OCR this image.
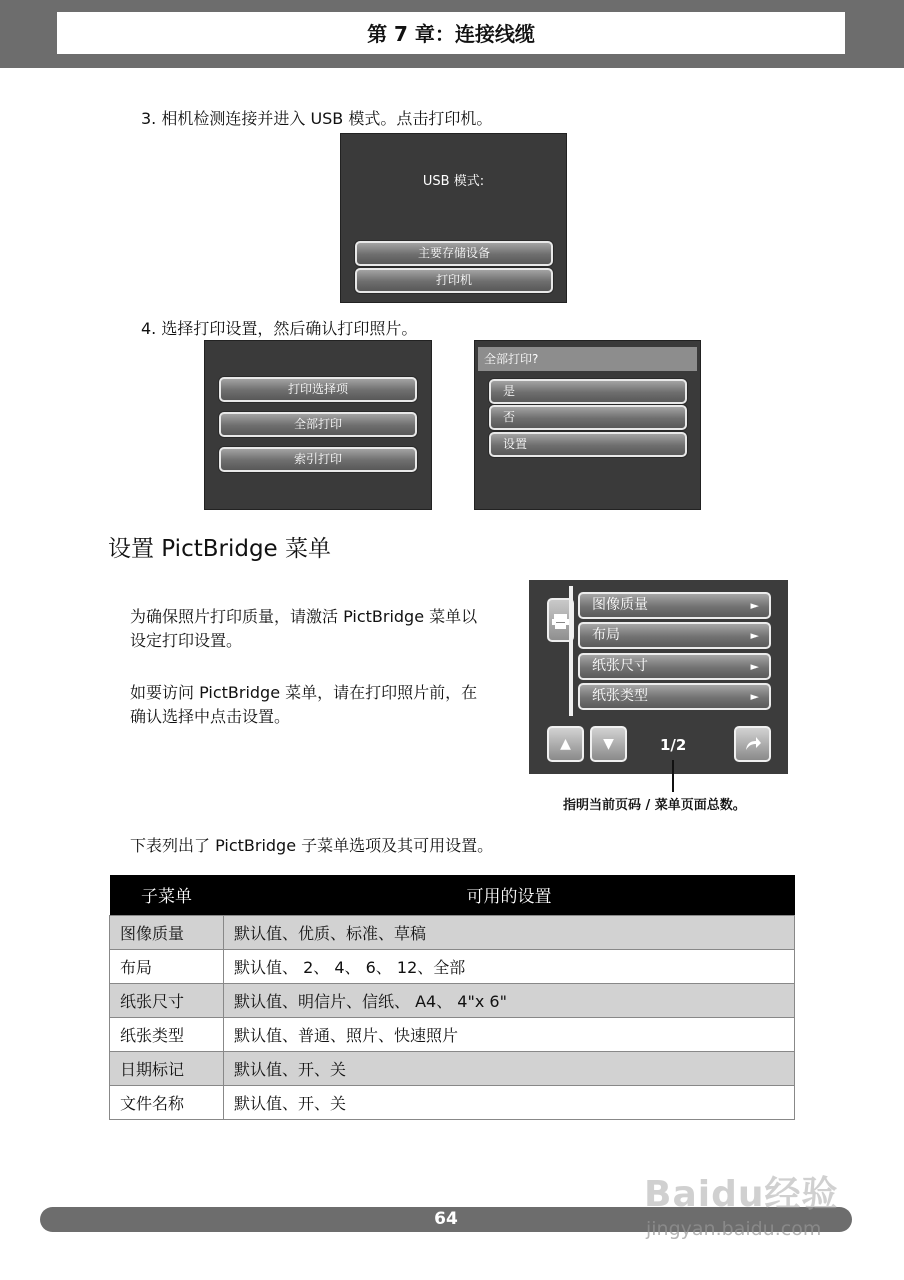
第 7 章：连接线缆
3. 相机检测连接并进入 USB 模式。点击打印机。
USB 模式:
主要存储设备
打印机
4. 选择打印设置，然后确认打印照片。
打印选择项
全部打印
索引打印
全部打印?
是
否
设置
设置 PictBridge 菜单
为确保照片打印质量，请激活 PictBridge 菜单以
设定打印设置。
如要访问 PictBridge 菜单，请在打印照片前，在
确认选择中点击设置。
图像质量	►
布局	►
纸张尺寸	►
纸张类型	►
▲	▼	1/2
指明当前页码 / 菜单页面总数。
下表列出了 PictBridge 子菜单选项及其可用设置。
子菜单	可用的设置
图像质量	默认值、优质、标准、草稿
布局	默认值、 2、 4、 6、 12、全部
纸张尺寸	默认值、明信片、信纸、 A4、 4"x 6"
纸张类型	默认值、普通、照片、快速照片
日期标记	默认值、开、关
文件名称	默认值、开、关
64
Baidu经验
jingyan.baidu.com
